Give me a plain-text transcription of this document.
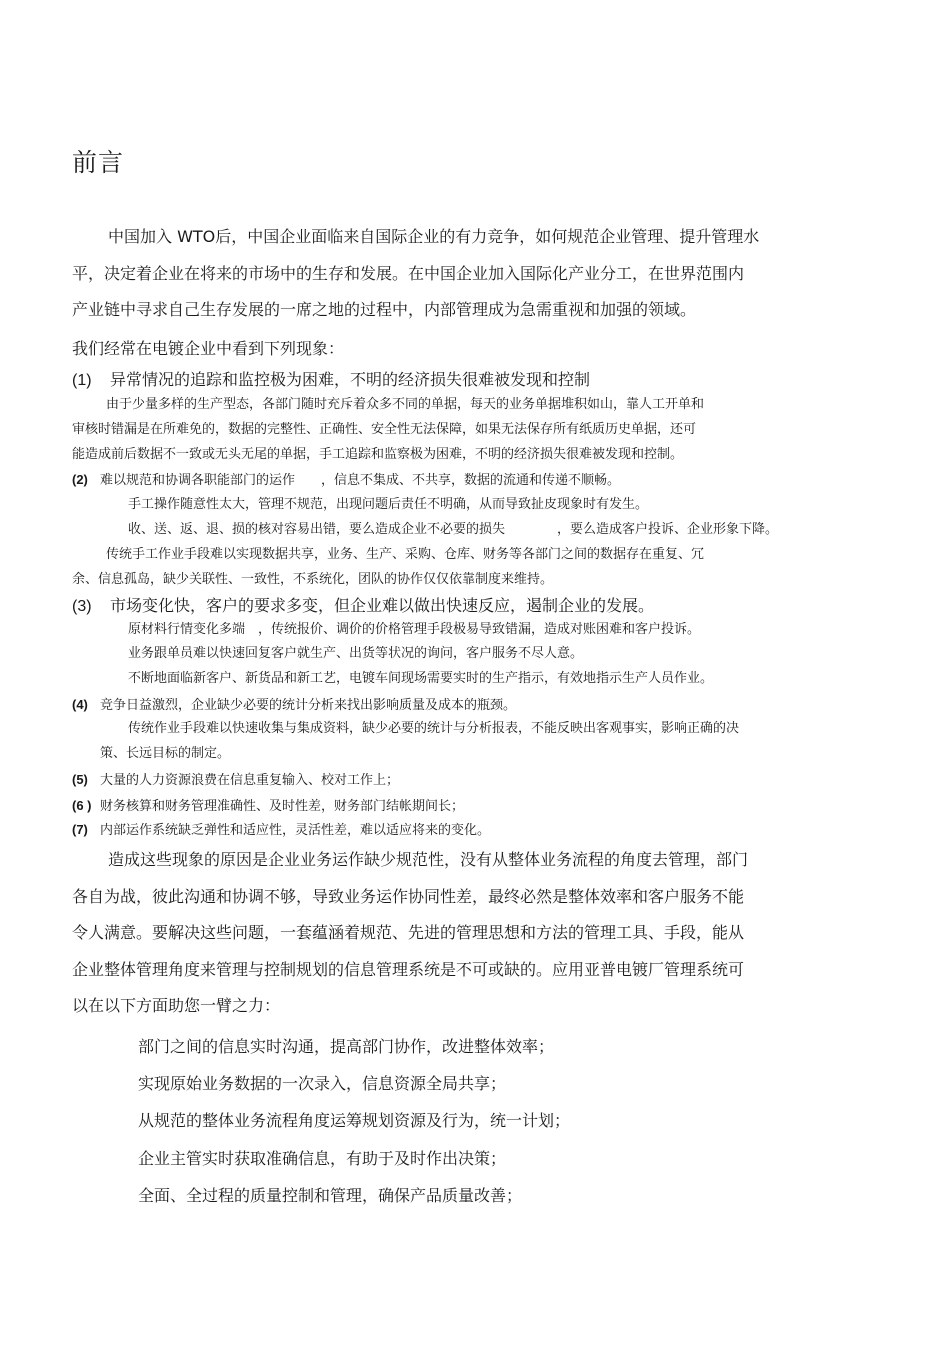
前言
中国加入 WTO后，中国企业面临来自国际企业的有力竞争，如何规范企业管理、提升管理水
平，决定着企业在将来的市场中的生存和发展。在中国企业加入国际化产业分工，在世界范围内
产业链中寻求自己生存发展的一席之地的过程中，内部管理成为急需重视和加强的领域。
我们经常在电镀企业中看到下列现象：
(1) 异常情况的追踪和监控极为困难，不明的经济损失很难被发现和控制
由于少量多样的生产型态，各部门随时充斥着众多不同的单据，每天的业务单据堆积如山，靠人工开单和
审核时错漏是在所难免的，数据的完整性、正确性、安全性无法保障，如果无法保存所有纸质历史单据，还可
能造成前后数据不一致或无头无尾的单据，手工追踪和监察极为困难，不明的经济损失很难被发现和控制。
(2) 难以规范和协调各职能部门的运作　　，信息不集成、不共享，数据的流通和传递不顺畅。
手工操作随意性太大，管理不规范，出现问题后责任不明确，从而导致扯皮现象时有发生。
收、送、返、退、损的核对容易出错，要么造成企业不必要的损失　　　　，要么造成客户投诉、企业形象下降。
传统手工作业手段难以实现数据共享，业务、生产、采购、仓库、财务等各部门之间的数据存在重复、冗
余、信息孤岛，缺少关联性、一致性，不系统化，团队的协作仅仅依靠制度来维持。
(3) 市场变化快，客户的要求多变，但企业难以做出快速反应，遏制企业的发展。
原材料行情变化多端　，传统报价、调价的价格管理手段极易导致错漏，造成对账困难和客户投诉。
业务跟单员难以快速回复客户就生产、出货等状况的询问，客户服务不尽人意。
不断地面临新客户、新货品和新工艺，电镀车间现场需要实时的生产指示，有效地指示生产人员作业。
(4) 竞争日益激烈，企业缺少必要的统计分析来找出影响质量及成本的瓶颈。
传统作业手段难以快速收集与集成资料，缺少必要的统计与分析报表，不能反映出客观事实，影响正确的决
策、长远目标的制定。
(5) 大量的人力资源浪费在信息重复输入、校对工作上；
(6 ) 财务核算和财务管理准确性、及时性差，财务部门结帐期间长；
(7) 内部运作系统缺乏弹性和适应性，灵活性差，难以适应将来的变化。
造成这些现象的原因是企业业务运作缺少规范性，没有从整体业务流程的角度去管理，部门
各自为战，彼此沟通和协调不够，导致业务运作协同性差，最终必然是整体效率和客户服务不能
令人满意。要解决这些问题，一套蕴涵着规范、先进的管理思想和方法的管理工具、手段，能从
企业整体管理角度来管理与控制规划的信息管理系统是不可或缺的。应用亚普电镀厂管理系统可
以在以下方面助您一臂之力：
部门之间的信息实时沟通，提高部门协作，改进整体效率；
实现原始业务数据的一次录入，信息资源全局共享；
从规范的整体业务流程角度运筹规划资源及行为，统一计划；
企业主管实时获取准确信息，有助于及时作出决策；
全面、全过程的质量控制和管理，确保产品质量改善；
